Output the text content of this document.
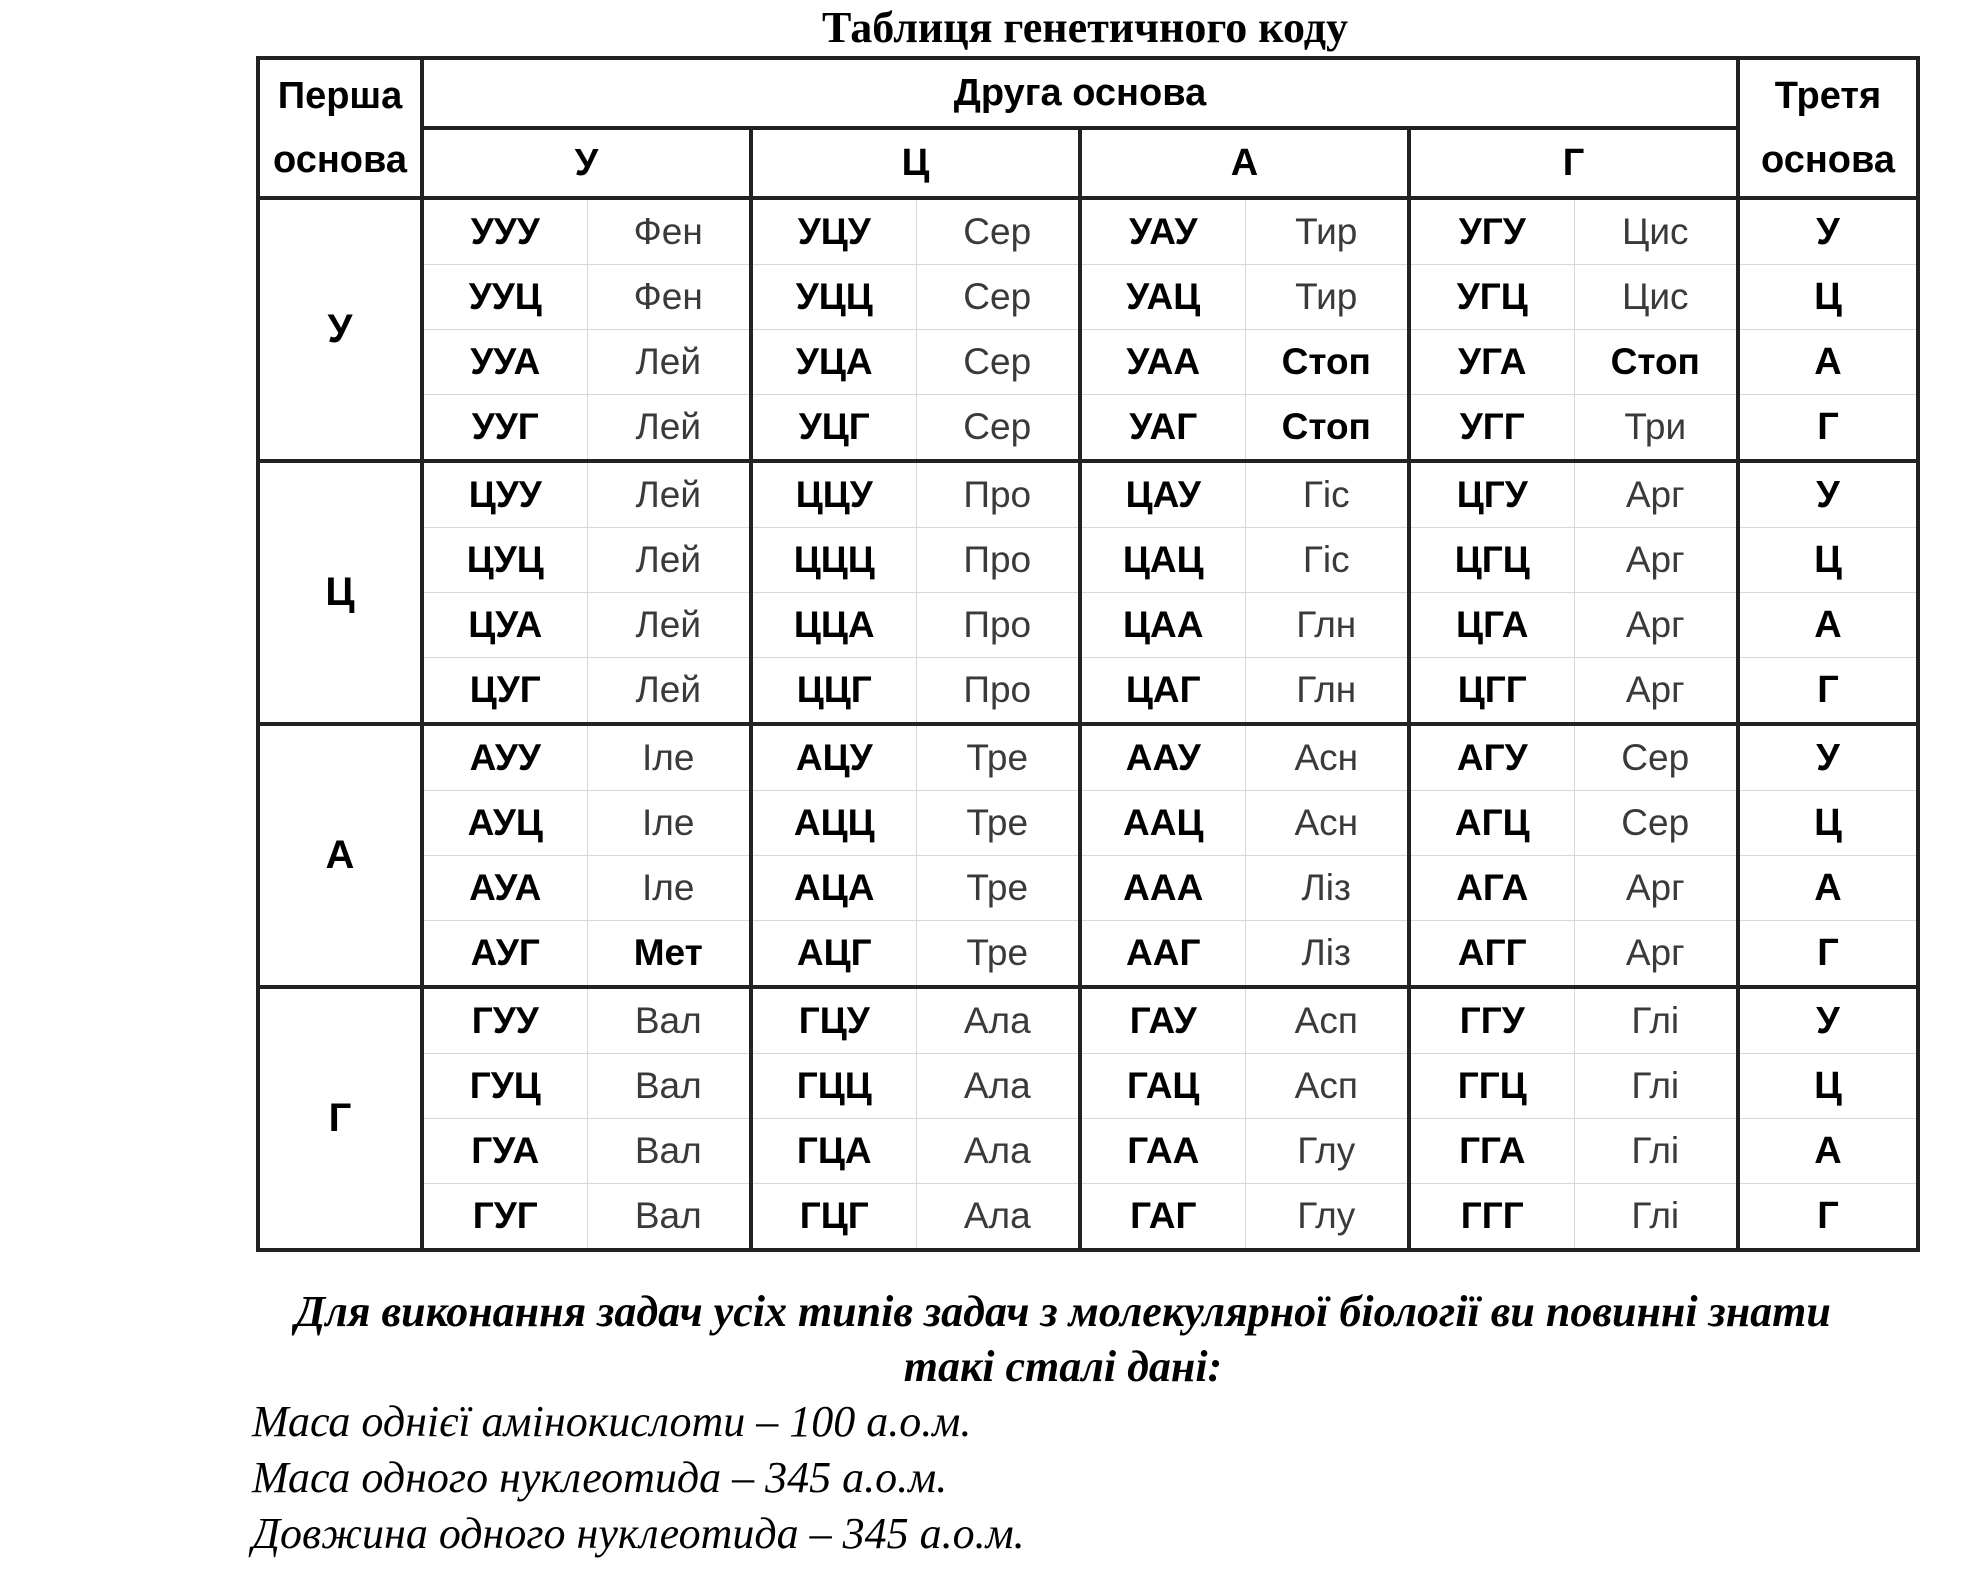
Таблиця генетичного коду
Перша
основа	Друга основа								Третя
основа
	У		Ц		А		Г		
У	УУУ	Фен	УЦУ	Сер	УАУ	Тир	УГУ	Цис	У
	УУЦ	Фен	УЦЦ	Сер	УАЦ	Тир	УГЦ	Цис	Ц
	УУА	Лей	УЦА	Сер	УАА	Стоп	УГА	Стоп	А
	УУГ	Лей	УЦГ	Сер	УАГ	Стоп	УГГ	Три	Г
Ц	ЦУУ	Лей	ЦЦУ	Про	ЦАУ	Гіс	ЦГУ	Арг	У
	ЦУЦ	Лей	ЦЦЦ	Про	ЦАЦ	Гіс	ЦГЦ	Арг	Ц
	ЦУА	Лей	ЦЦА	Про	ЦАА	Глн	ЦГА	Арг	А
	ЦУГ	Лей	ЦЦГ	Про	ЦАГ	Глн	ЦГГ	Арг	Г
А	АУУ	Іле	АЦУ	Тре	ААУ	Асн	АГУ	Сер	У
	АУЦ	Іле	АЦЦ	Тре	ААЦ	Асн	АГЦ	Сер	Ц
	АУА	Іле	АЦА	Тре	ААА	Ліз	АГА	Арг	А
	АУГ	Мет	АЦГ	Тре	ААГ	Ліз	АГГ	Арг	Г
Г	ГУУ	Вал	ГЦУ	Ала	ГАУ	Асп	ГГУ	Глі	У
	ГУЦ	Вал	ГЦЦ	Ала	ГАЦ	Асп	ГГЦ	Глі	Ц
	ГУА	Вал	ГЦА	Ала	ГАА	Глу	ГГА	Глі	А
	ГУГ	Вал	ГЦГ	Ала	ГАГ	Глу	ГГГ	Глі	Г
Для виконання задач усіх типів задач з молекулярної біології ви повинні знати такі сталі дані:
Маса однієї амінокислоти – 100 а.о.м.
Маса одного нуклеотида – 345 а.о.м.
Довжина одного нуклеотида – 345 а.о.м.
